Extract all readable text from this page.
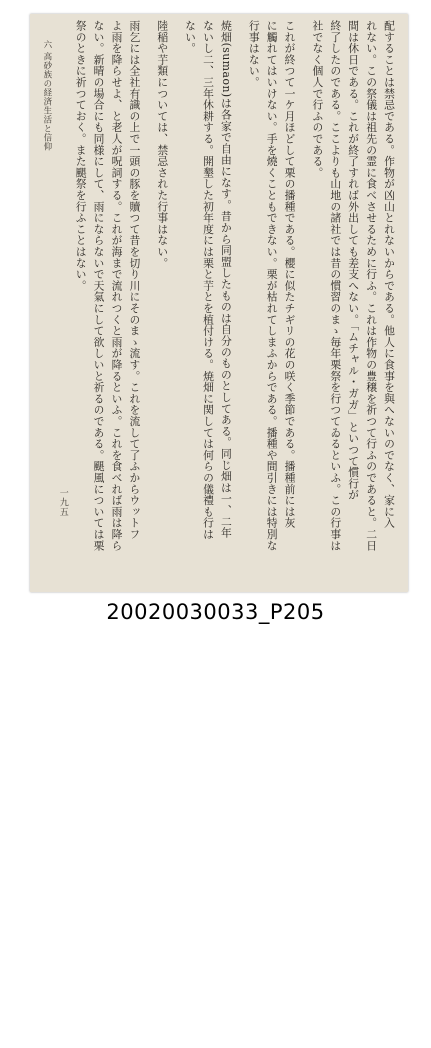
配することは禁忌である。作物が凶山とれないからである。他人に食事を與へないのでなく、家に入
れない。この祭儀は祖先の霊に食べさせるために行ふ。これは作物の豊穣を祈つて行ふのであると。二日
間は休日である。これが終了すれば外出しても差支へない。「ムチャル・ガガ」といつて慣行が
終了したのである。ここよりも山地の諸社では昔の慣習のまゝ毎年栗祭を行つてゐるといふ。この行事は
社でなく個人で行ふのである。
これが終つて一ケ月ほどして栗の播種である。櫻に似たチギリの花の咲く季節である。播種前には灰
に觸れてはいけない。手を燒くこともできない。栗が枯れてしまふからである。播種や間引きには特別な
行事はない。
焼畑(sumaon)は各家で自由になす。昔から同盟したものは自分のものとしてある。同じ畑は一、二年
ないし二、三年休耕する。開墾した初年度には栗と芋とを植付ける。焼畑に関しては何らの儀禮も行は
ない。
陸稲や芋類については、禁忌された行事はない。
雨乞には全社有識の上で一頭の豚を贖つて昔を切り川にそのまゝ流す。これを流して了ふからウットフ
よ雨を降らせよ、と老人が呪詞する。これが海まで流れつくと雨が降るといふ。これを食べれば雨は降ら
ない。新晴の場合にも同様にして、雨にならないで天氣にして欲しいと祈るのである。颶風については栗
祭のときに祈つておく。また颶祭を行ふことはない。
一九五
六 高砂族の経済生活と信仰
20020030033_P205
